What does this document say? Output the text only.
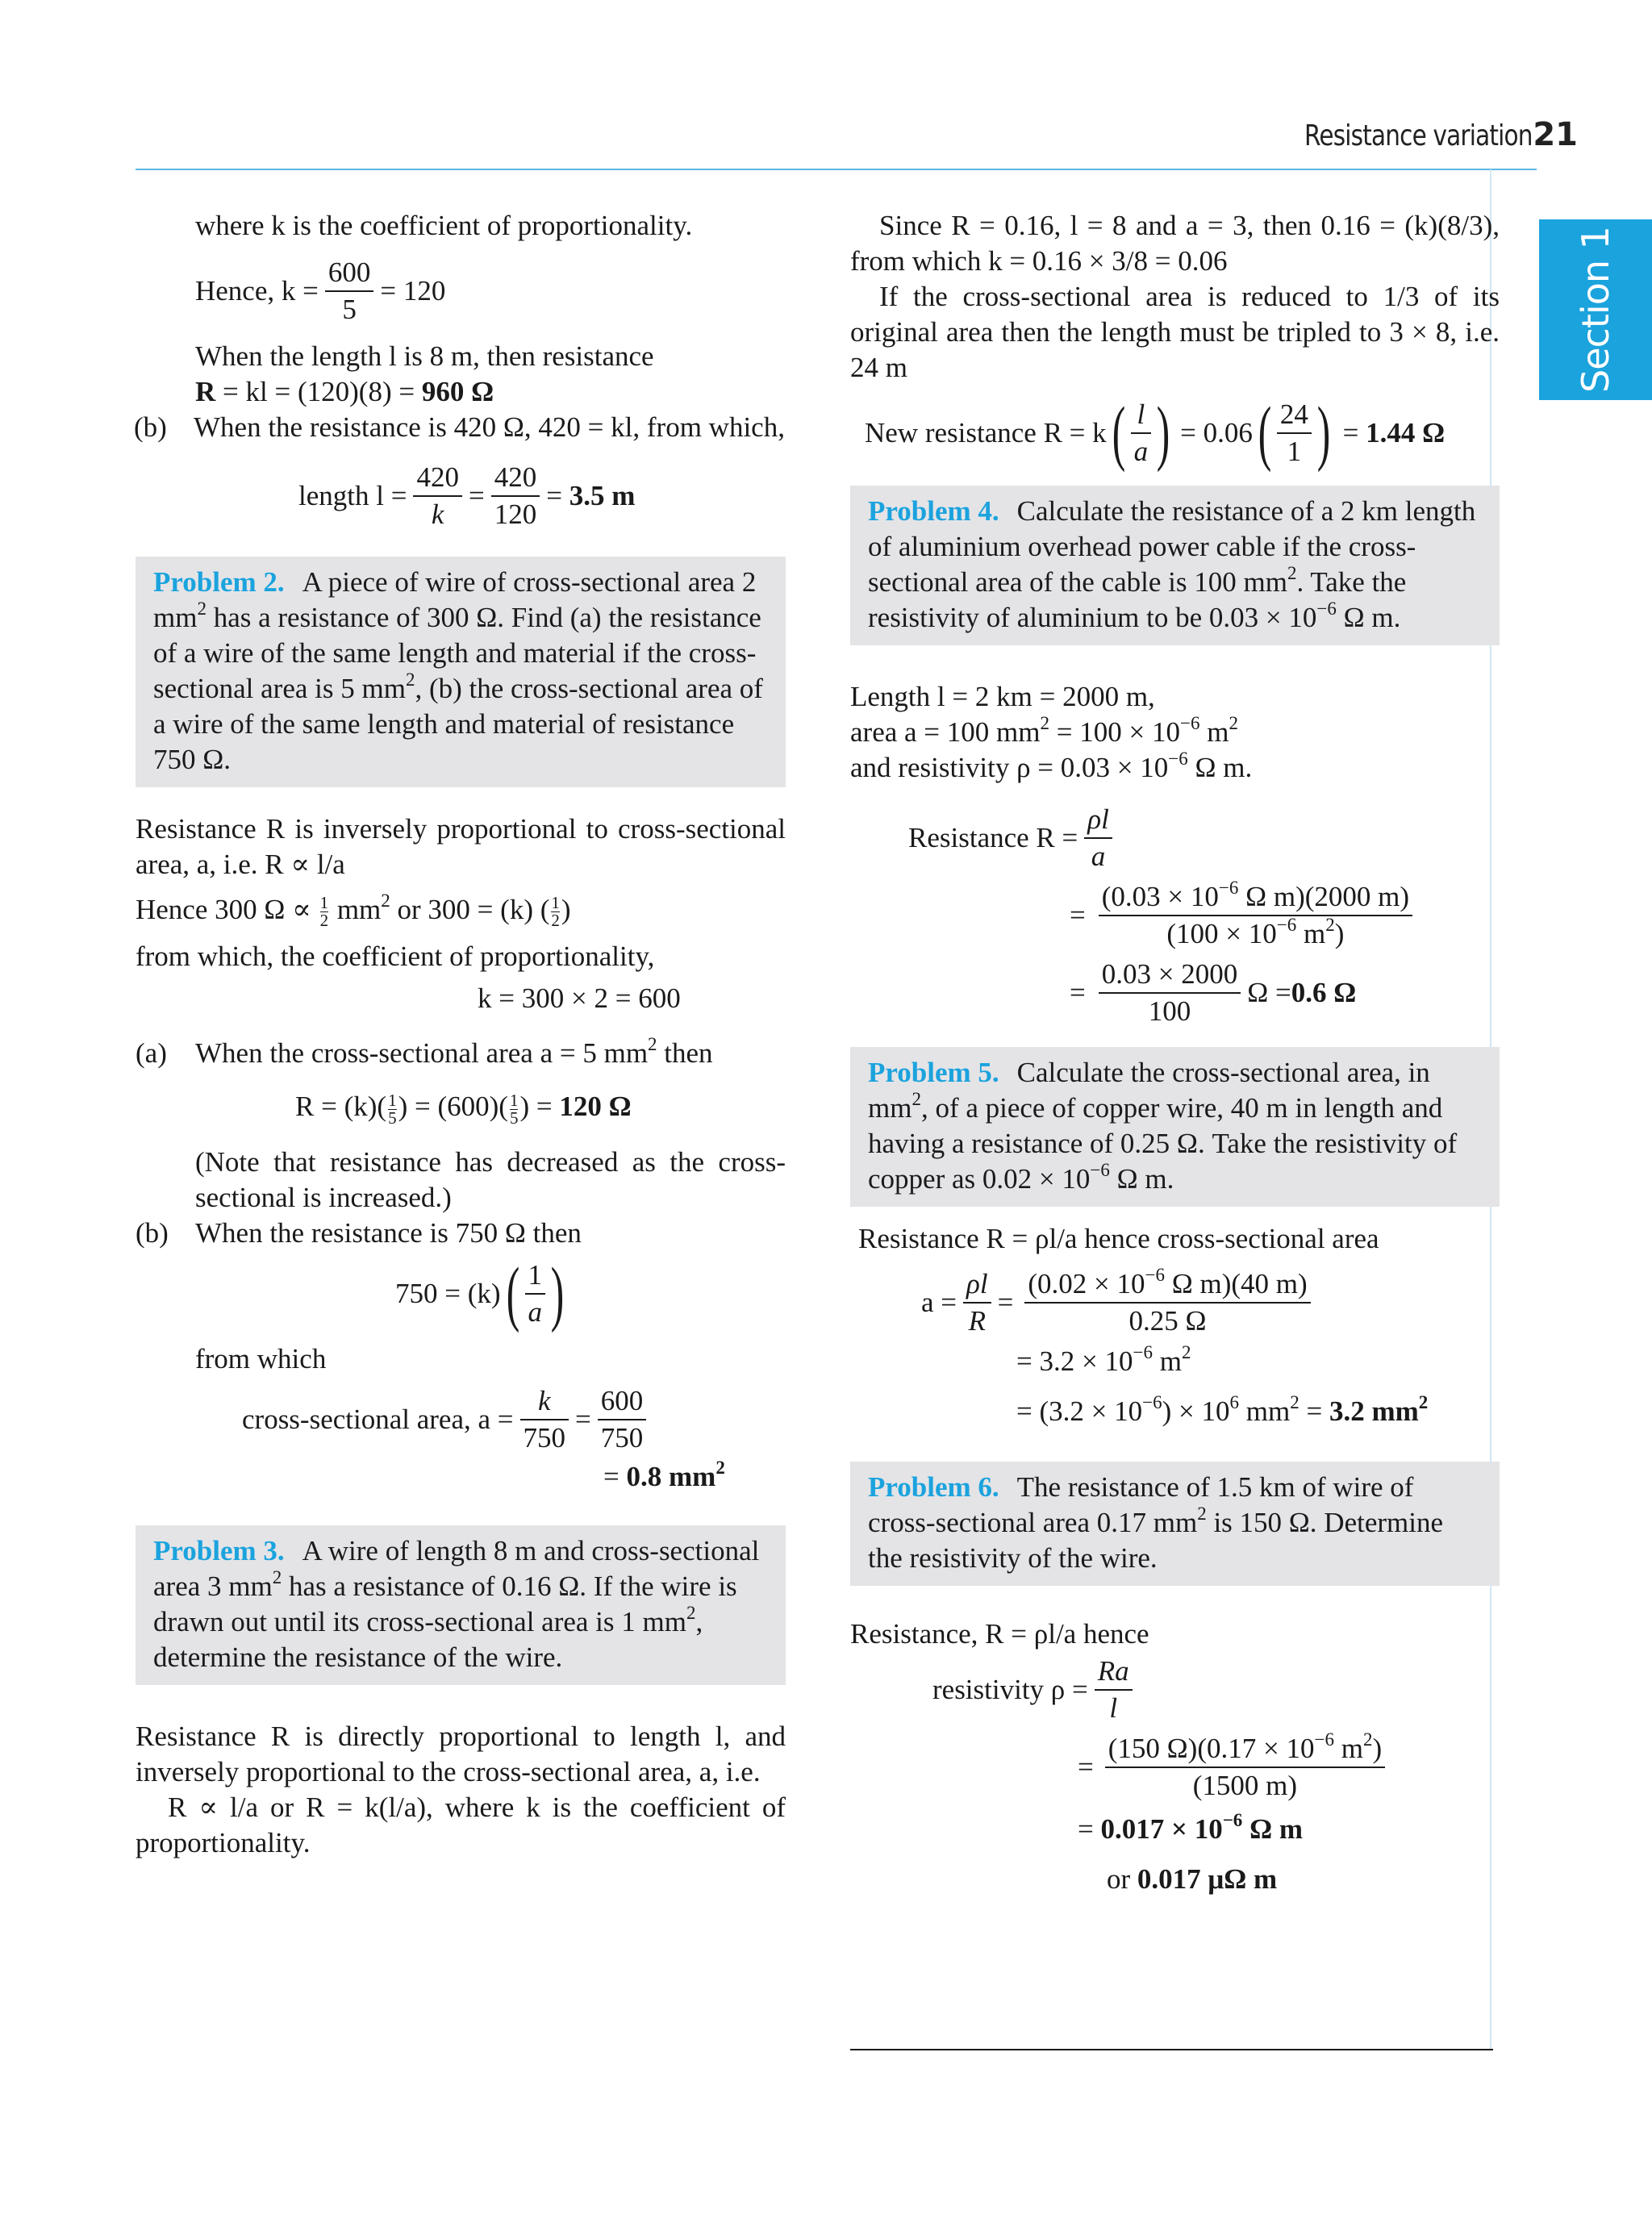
Resistance variation 21
Section 1
where k is the coefficient of proportionality.
Hence, $k = \frac{600}{5} = 120$
When the length l is 8 m, then resistance
R = kl = (120)(8) = 960 Ω
(b) When the resistance is 420 Ω, 420 = kl, from which,
length $l = \frac{420}{k} = \frac{420}{120} = 3.5$ m
Problem 2. A piece of wire of cross-sectional area 2 $mm^2$ has a resistance of 300 Ω. Find (a) the resistance of a wire of the same length and material if the cross-sectional area is 5 $mm^2$, (b) the cross-sectional area of a wire of the same length and material of resistance 750 Ω.
Resistance R is inversely proportional to cross-sectional area, a, i.e. R ∝ l/a
Hence 300 $\Omega \propto \frac{1}{2} mm^2$ or 300 = (k) ( $\frac{1}{2}$ )
from which, the coefficient of proportionality,
k = 300 × 2 = 600
(a) When the cross-sectional area a = 5 $mm^2$ then
$R = (k)( \frac{1}{5}$ ) = $(600)( \frac{1}{5}$ ) = 120 Ω
(Note that resistance has decreased as the cross-sectional is increased.)
(b) When the resistance is 750 Ω then
750 = (k) ( $\frac{1}{a}$ )
from which
cross-sectional area, $a = \frac{k}{750} = \frac{600}{750}$
= 0.8 $mm^2$
Problem 3. A wire of length 8 m and cross-sectional area 3 $mm^2$ has a resistance of 0.16 Ω. If the wire is drawn out until its cross-sectional area is 1 $mm^2$, determine the resistance of the wire.
Resistance R is directly proportional to length l, and inversely proportional to the cross-sectional area, a, i.e.
R ∝ l/a or R = k(l/a), where k is the coefficient of proportionality.
Since R = 0.16, l = 8 and a = 3, then 0.16 = (k)(8/3), from which k = 0.16 × 3/8 = 0.06
If the cross-sectional area is reduced to 1/3 of its original area then the length must be tripled to 3 × 8, i.e. 24 m
New resistance R = k ( $\frac{l}{a}$ ) = 0.06 ( $\frac{24}{1}$ ) = 1.44 Ω
Problem 4. Calculate the resistance of a 2 km length of aluminium overhead power cable if the cross-sectional area of the cable is 100 $mm^2$. Take the resistivity of aluminium to be $0.03 \times 10^{-6}$ Ω m.
Length l = 2 km = 2000 m,
area a = 100 $mm^2 = 100 \times 10^{-6}$ $m^2$
and resistivity $\rho = 0.03 \times 10^{-6}$ Ω m.
Resistance $R = \frac{\rho l}{a}$
= $\frac{(0.03 \times 10^{-6} \Omega m)(2000 m)}{(100 \times 10^{-6} m^2)}$
= $\frac{0.03 \times 2000}{100}$ Ω = 0.6 Ω
Problem 5. Calculate the cross-sectional area, in $mm^2$, of a piece of copper wire, 40 m in length and having a resistance of 0.25 Ω. Take the resistivity of copper as $0.02 \times 10^{-6}$ Ω m.
Resistance R = ρl/a hence cross-sectional area
$a = \frac{\rho l}{R} = \frac{(0.02 \times 10^{-6} \Omega m)(40 m)}{0.25 \Omega}$
= $3.2 \times 10^{-6}$ $m^2$
= $(3.2 \times 10^{-6}) \times 10^6$ $mm^2 = 3.2$ $mm^2$
Problem 6. The resistance of 1.5 km of wire of cross-sectional area 0.17 $mm^2$ is 150 Ω. Determine the resistivity of the wire.
Resistance, R = ρl/a hence
resistivity $\rho = \frac{Ra}{l}$
= $\frac{(150 \Omega)(0.17 \times 10^{-6} m^2)}{(1500 m)}$
= $0.017 \times 10^{-6}$ Ω m
or 0.017 μΩ m
